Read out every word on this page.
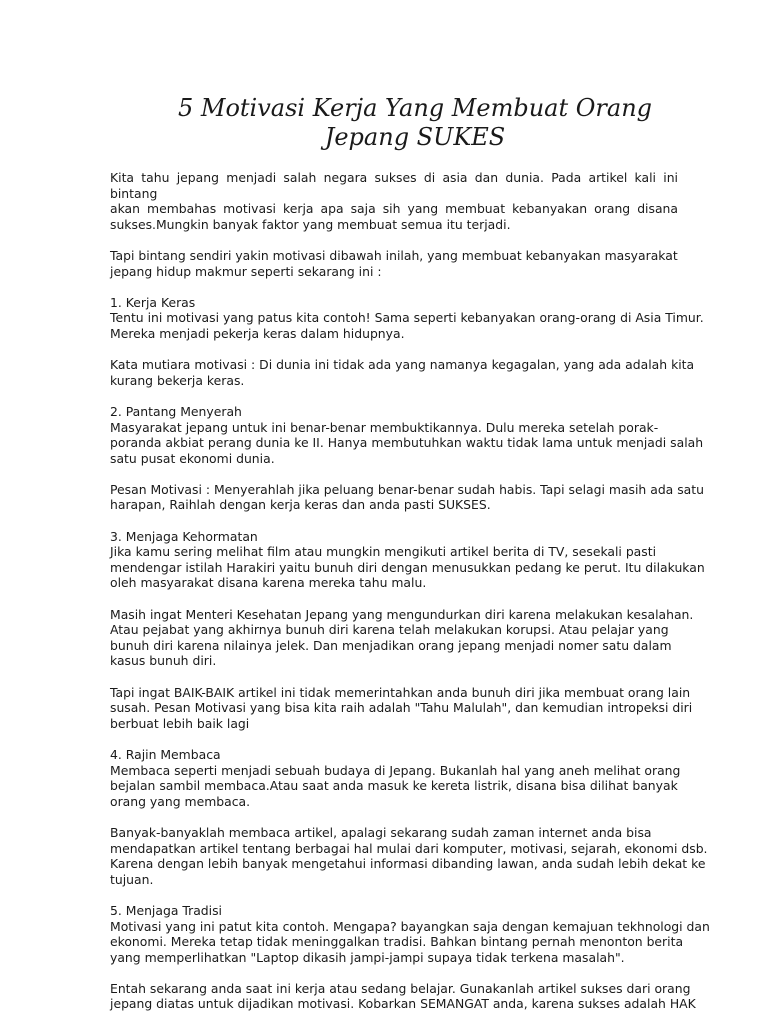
5 Motivasi Kerja Yang Membuat Orang
Jepang SUKES

Kita tahu jepang menjadi salah negara sukses di asia dan dunia. Pada artikel kali ini bintang
akan membahas motivasi kerja apa saja sih yang membuat kebanyakan orang disana
sukses.Mungkin banyak faktor yang membuat semua itu terjadi.

Tapi bintang sendiri yakin motivasi dibawah inilah, yang membuat kebanyakan masyarakat
jepang hidup makmur seperti sekarang ini :

1. Kerja Keras
Tentu ini motivasi yang patus kita contoh! Sama seperti kebanyakan orang-orang di Asia Timur.
Mereka menjadi pekerja keras dalam hidupnya.

Kata mutiara motivasi : Di dunia ini tidak ada yang namanya kegagalan, yang ada adalah kita
kurang bekerja keras.

2. Pantang Menyerah
Masyarakat jepang untuk ini benar-benar membuktikannya. Dulu mereka setelah porak-
poranda akbiat perang dunia ke II. Hanya membutuhkan waktu tidak lama untuk menjadi salah
satu pusat ekonomi dunia.

Pesan Motivasi : Menyerahlah jika peluang benar-benar sudah habis. Tapi selagi masih ada satu
harapan, Raihlah dengan kerja keras dan anda pasti SUKSES.

3. Menjaga Kehormatan
Jika kamu sering melihat film atau mungkin mengikuti artikel berita di TV, sesekali pasti
mendengar istilah Harakiri yaitu bunuh diri dengan menusukkan pedang ke perut. Itu dilakukan
oleh masyarakat disana karena mereka tahu malu.

Masih ingat Menteri Kesehatan Jepang yang mengundurkan diri karena melakukan kesalahan.
Atau pejabat yang akhirnya bunuh diri karena telah melakukan korupsi. Atau pelajar yang
bunuh diri karena nilainya jelek. Dan menjadikan orang jepang menjadi nomer satu dalam
kasus bunuh diri.

Tapi ingat BAIK-BAIK artikel ini tidak memerintahkan anda bunuh diri jika membuat orang lain
susah. Pesan Motivasi yang bisa kita raih adalah "Tahu Malulah", dan kemudian intropeksi diri
berbuat lebih baik lagi

4. Rajin Membaca
Membaca seperti menjadi sebuah budaya di Jepang. Bukanlah hal yang aneh melihat orang
bejalan sambil membaca.Atau saat anda masuk ke kereta listrik, disana bisa dilihat banyak
orang yang membaca.

Banyak-banyaklah membaca artikel, apalagi sekarang sudah zaman internet anda bisa
mendapatkan artikel tentang berbagai hal mulai dari komputer, motivasi, sejarah, ekonomi dsb.
Karena dengan lebih banyak mengetahui informasi dibanding lawan, anda sudah lebih dekat ke
tujuan.

5. Menjaga Tradisi
Motivasi yang ini patut kita contoh. Mengapa? bayangkan saja dengan kemajuan tekhnologi dan
ekonomi. Mereka tetap tidak meninggalkan tradisi. Bahkan bintang pernah menonton berita
yang memperlihatkan "Laptop dikasih jampi-jampi supaya tidak terkena masalah".

Entah sekarang anda saat ini kerja atau sedang belajar. Gunakanlah artikel sukses dari orang
jepang diatas untuk dijadikan motivasi. Kobarkan SEMANGAT anda, karena sukses adalah HAK
